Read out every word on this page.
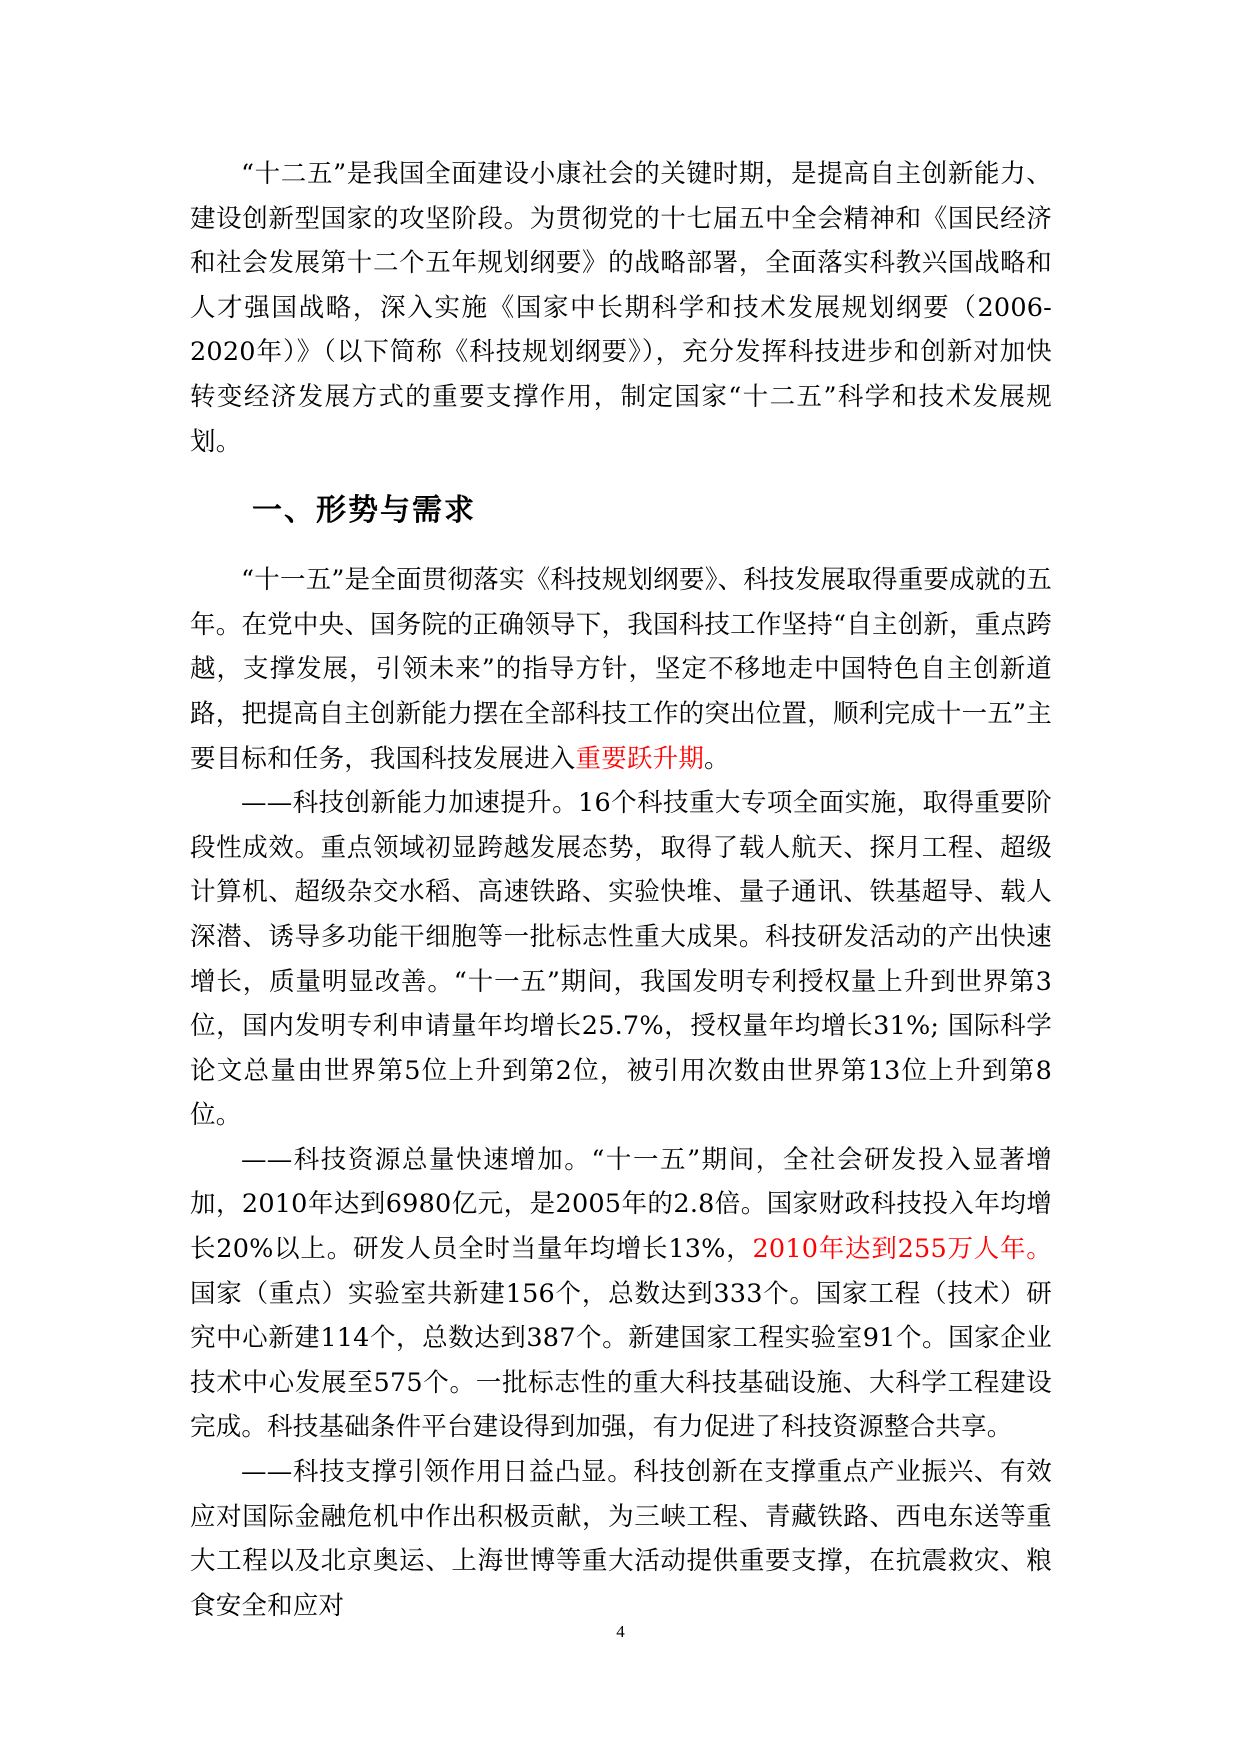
“十二五”是我国全面建设小康社会的关键时期，是提高自主创新能力、建设创新型国家的攻坚阶段。为贯彻党的十七届五中全会精神和《国民经济和社会发展第十二个五年规划纲要》的战略部署，全面落实科教兴国战略和人才强国战略，深入实施《国家中长期科学和技术发展规划纲要（2006-2020年）》（以下简称《科技规划纲要》），充分发挥科技进步和创新对加快转变经济发展方式的重要支撑作用，制定国家“十二五”科学和技术发展规划。

一、形势与需求

“十一五”是全面贯彻落实《科技规划纲要》、科技发展取得重要成就的五年。在党中央、国务院的正确领导下，我国科技工作坚持“自主创新，重点跨越，支撑发展，引领未来”的指导方针，坚定不移地走中国特色自主创新道路，把提高自主创新能力摆在全部科技工作的突出位置，顺利完成十一五”主要目标和任务，我国科技发展进入重要跃升期。

——科技创新能力加速提升。16个科技重大专项全面实施，取得重要阶段性成效。重点领域初显跨越发展态势，取得了载人航天、探月工程、超级计算机、超级杂交水稻、高速铁路、实验快堆、量子通讯、铁基超导、载人深潜、诱导多功能干细胞等一批标志性重大成果。科技研发活动的产出快速增长，质量明显改善。“十一五”期间，我国发明专利授权量上升到世界第3位，国内发明专利申请量年均增长25.7%，授权量年均增长31%; 国际科学论文总量由世界第5位上升到第2位，被引用次数由世界第13位上升到第8位。

——科技资源总量快速增加。“十一五”期间，全社会研发投入显著增加，2010年达到6980亿元，是2005年的2.8倍。国家财政科技投入年均增长20%以上。研发人员全时当量年均增长13%，2010年达到255万人年。国家（重点）实验室共新建156个，总数达到333个。国家工程（技术）研究中心新建114个，总数达到387个。新建国家工程实验室91个。国家企业技术中心发展至575个。一批标志性的重大科技基础设施、大科学工程建设完成。科技基础条件平台建设得到加强，有力促进了科技资源整合共享。

——科技支撑引领作用日益凸显。科技创新在支撑重点产业振兴、有效应对国际金融危机中作出积极贡献，为三峡工程、青藏铁路、西电东送等重大工程以及北京奥运、上海世博等重大活动提供重要支撑，在抗震救灾、粮食安全和应对

4
